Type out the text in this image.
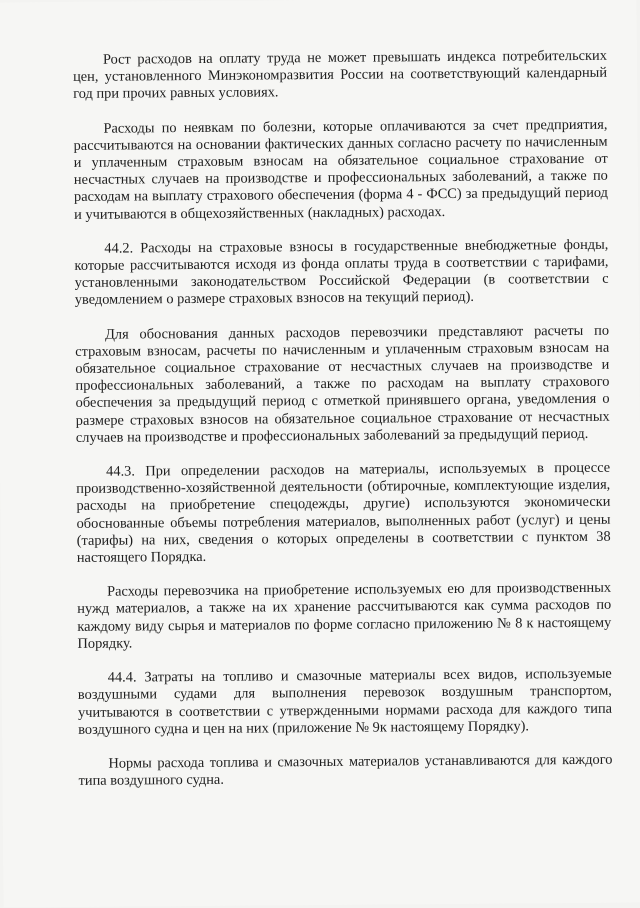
Рост расходов на оплату труда не может превышать индекса потребительских цен, установленного Минэкономразвития России на соответствующий календарный год при прочих равных условиях.

Расходы по неявкам по болезни, которые оплачиваются за счет предприятия, рассчитываются на основании фактических данных согласно расчету по начисленным и уплаченным страховым взносам на обязательное социальное страхование от несчастных случаев на производстве и профессиональных заболеваний, а также по расходам на выплату страхового обеспечения (форма 4 - ФСС) за предыдущий период и учитываются в общехозяйственных (накладных) расходах.

44.2. Расходы на страховые взносы в государственные внебюджетные фонды, которые рассчитываются исходя из фонда оплаты труда в соответствии с тарифами, установленными законодательством Российской Федерации (в соответствии с уведомлением о размере страховых взносов на текущий период).

Для обоснования данных расходов перевозчики представляют расчеты по страховым взносам, расчеты по начисленным и уплаченным страховым взносам на обязательное социальное страхование от несчастных случаев на производстве и профессиональных заболеваний, а также по расходам на выплату страхового обеспечения за предыдущий период с отметкой принявшего органа, уведомления о размере страховых взносов на обязательное социальное страхование от несчастных случаев на производстве и профессиональных заболеваний за предыдущий период.

44.3. При определении расходов на материалы, используемых в процессе производственно-хозяйственной деятельности (обтирочные, комплектующие изделия, расходы на приобретение спецодежды, другие) используются экономически обоснованные объемы потребления материалов, выполненных работ (услуг) и цены (тарифы) на них, сведения о которых определены в соответствии с пунктом 38 настоящего Порядка.

Расходы перевозчика на приобретение используемых ею для производственных нужд материалов, а также на их хранение рассчитываются как сумма расходов по каждому виду сырья и материалов по форме согласно приложению № 8 к настоящему Порядку.

44.4. Затраты на топливо и смазочные материалы всех видов, используемые воздушными судами для выполнения перевозок воздушным транспортом, учитываются в соответствии с утвержденными нормами расхода для каждого типа воздушного судна и цен на них (приложение № 9к настоящему Порядку).

Нормы расхода топлива и смазочных материалов устанавливаются для каждого типа воздушного судна.
